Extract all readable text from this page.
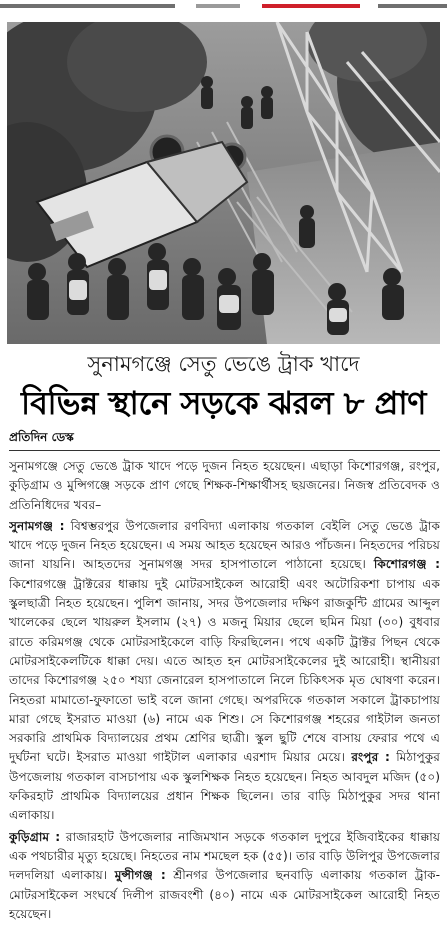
সুনামগঞ্জে সেতু ভেঙে ট্রাক খাদে
বিভিন্ন স্থানে সড়কে ঝরল ৮ প্রাণ
প্রতিদিন ডেস্ক

সুনামগঞ্জে সেতু ভেঙে ট্রাক খাদে পড়ে দুজন নিহত হয়েছেন। এছাড়া কিশোরগঞ্জ, রংপুর, কুড়িগ্রাম ও মুন্সিগঞ্জে সড়কে প্রাণ গেছে শিক্ষক-শিক্ষার্থীসহ ছয়জনের। নিজস্ব প্রতিবেদক ও প্রতিনিধিদের খবর–

সুনামগঞ্জ : বিশ্বম্ভরপুর উপজেলার রণবিদ্যা এলাকায় গতকাল বেইলি সেতু ভেঙে ট্রাক খাদে পড়ে দুজন নিহত হয়েছেন। এ সময় আহত হয়েছেন আরও পাঁচজন। নিহতদের পরিচয় জানা যায়নি। আহতদের সুনামগঞ্জ সদর হাসপাতালে পাঠানো হয়েছে। কিশোরগঞ্জ : কিশোরগঞ্জে ট্রাক্টরের ধাক্কায় দুই মোটরসাইকেল আরোহী এবং অটোরিকশা চাপায় এক স্কুলছাত্রী নিহত হয়েছেন। পুলিশ জানায়, সদর উপজেলার দক্ষিণ রাজকুন্টি গ্রামের আব্দুল খালেকের ছেলে খায়রুল ইসলাম (২৭) ও মজনু মিয়ার ছেলে ছমিন মিয়া (৩০) বুধবার রাতে করিমগঞ্জ থেকে মোটরসাইকেলে বাড়ি ফিরছিলেন। পথে একটি ট্রাক্টর পিছন থেকে মোটরসাইকেলটিকে ধাক্কা দেয়। এতে আহত হন মোটরসাইকেলের দুই আরোহী। স্থানীয়রা তাদের কিশোরগঞ্জ ২৫০ শয্যা জেনারেল হাসপাতালে নিলে চিকিৎসক মৃত ঘোষণা করেন। নিহতরা মামাতো-ফুফাতো ভাই বলে জানা গেছে। অপরদিকে গতকাল সকালে ট্রাকচাপায় মারা গেছে ইসরাত মাওয়া (৬) নামে এক শিশু। সে কিশোরগঞ্জ শহরের গাইটাল জনতা সরকারি প্রাথমিক বিদ্যালয়ের প্রথম শ্রেণির ছাত্রী। স্কুল ছুটি শেষে বাসায় ফেরার পথে এ দুর্ঘটনা ঘটে। ইসরাত মাওয়া গাইটাল এলাকার এরশাদ মিয়ার মেয়ে। রংপুর : মিঠাপুকুর উপজেলায় গতকাল বাসচাপায় এক স্কুলশিক্ষক নিহত হয়েছেন। নিহত আবদুল মজিদ (৫০) ফকিরহাট প্রাথমিক বিদ্যালয়ের প্রধান শিক্ষক ছিলেন। তার বাড়ি মিঠাপুকুর সদর থানা এলাকায়।

কুড়িগ্রাম : রাজারহাট উপজেলার নাজিমখান সড়কে গতকাল দুপুরে ইজিবাইকের ধাক্কায় এক পথচারীর মৃত্যু হয়েছে। নিহতের নাম শমছেল হক (৫৫)। তার বাড়ি উলিপুর উপজেলার দলদলিয়া এলাকায়। মুন্সীগঞ্জ : শ্রীনগর উপজেলার ছনবাড়ি এলাকায় গতকাল ট্রাক-মোটরসাইকেল সংঘর্ষে দিলীপ রাজবংশী (৪০) নামে এক মোটরসাইকেল আরোহী নিহত হয়েছেন।
